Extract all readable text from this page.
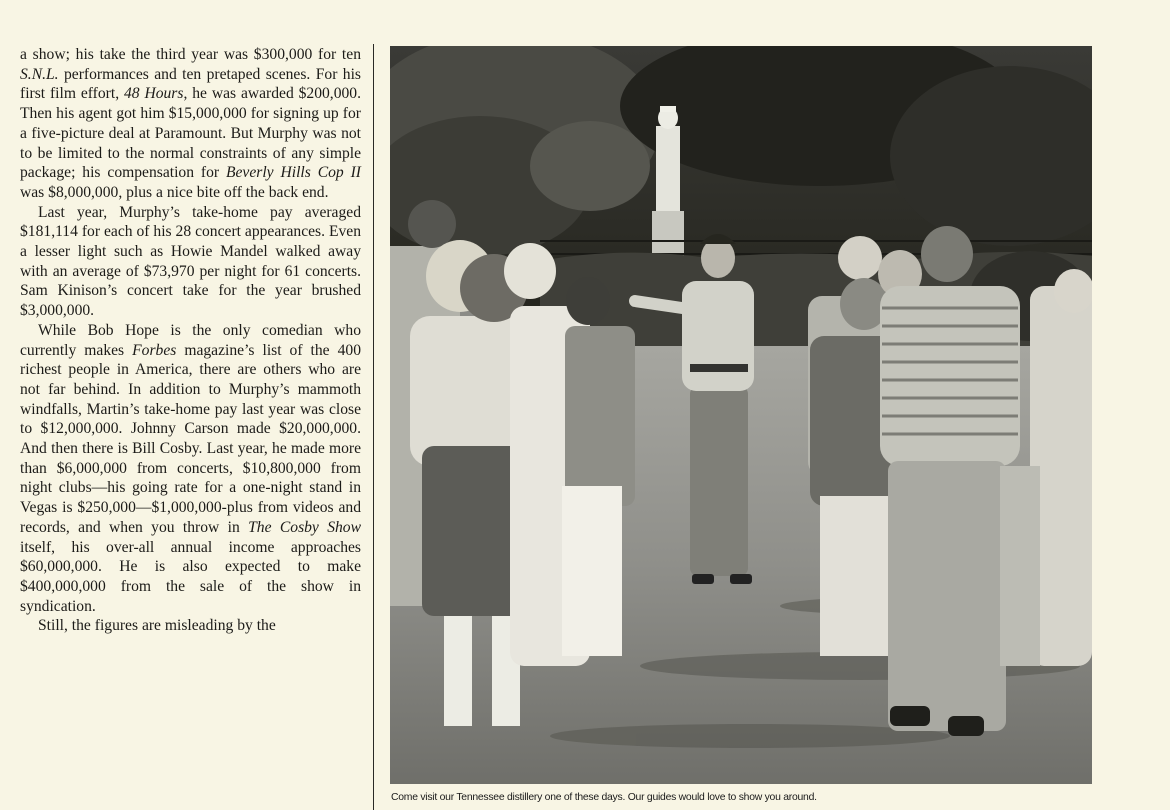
a show; his take the third year was $300,000 for ten S.N.L. performances and ten pretaped scenes. For his first film effort, 48 Hours, he was awarded $200,000. Then his agent got him $15,000,000 for signing up for a five-picture deal at Paramount. But Murphy was not to be limited to the normal constraints of any simple package; his compensation for Beverly Hills Cop II was $8,000,000, plus a nice bite off the back end.

Last year, Murphy’s take-home pay averaged $181,114 for each of his 28 concert appearances. Even a lesser light such as Howie Mandel walked away with an average of $73,970 per night for 61 concerts. Sam Kinison’s concert take for the year brushed $3,000,000.

While Bob Hope is the only comedian who currently makes Forbes magazine’s list of the 400 richest people in America, there are others who are not far behind. In addition to Murphy’s mammoth windfalls, Martin’s take-home pay last year was close to $12,000,000. Johnny Carson made $20,000,000. And then there is Bill Cosby. Last year, he made more than $6,000,000 from concerts, $10,800,000 from night clubs—his going rate for a one-night stand in Vegas is $250,000—$1,000,000-plus from videos and records, and when you throw in The Cosby Show itself, his over-all annual income approaches $60,000,000. He is also expected to make $400,000,000 from the sale of the show in syndication.

Still, the figures are misleading by the

Come visit our Tennessee distillery one of these days. Our guides would love to show you around.
